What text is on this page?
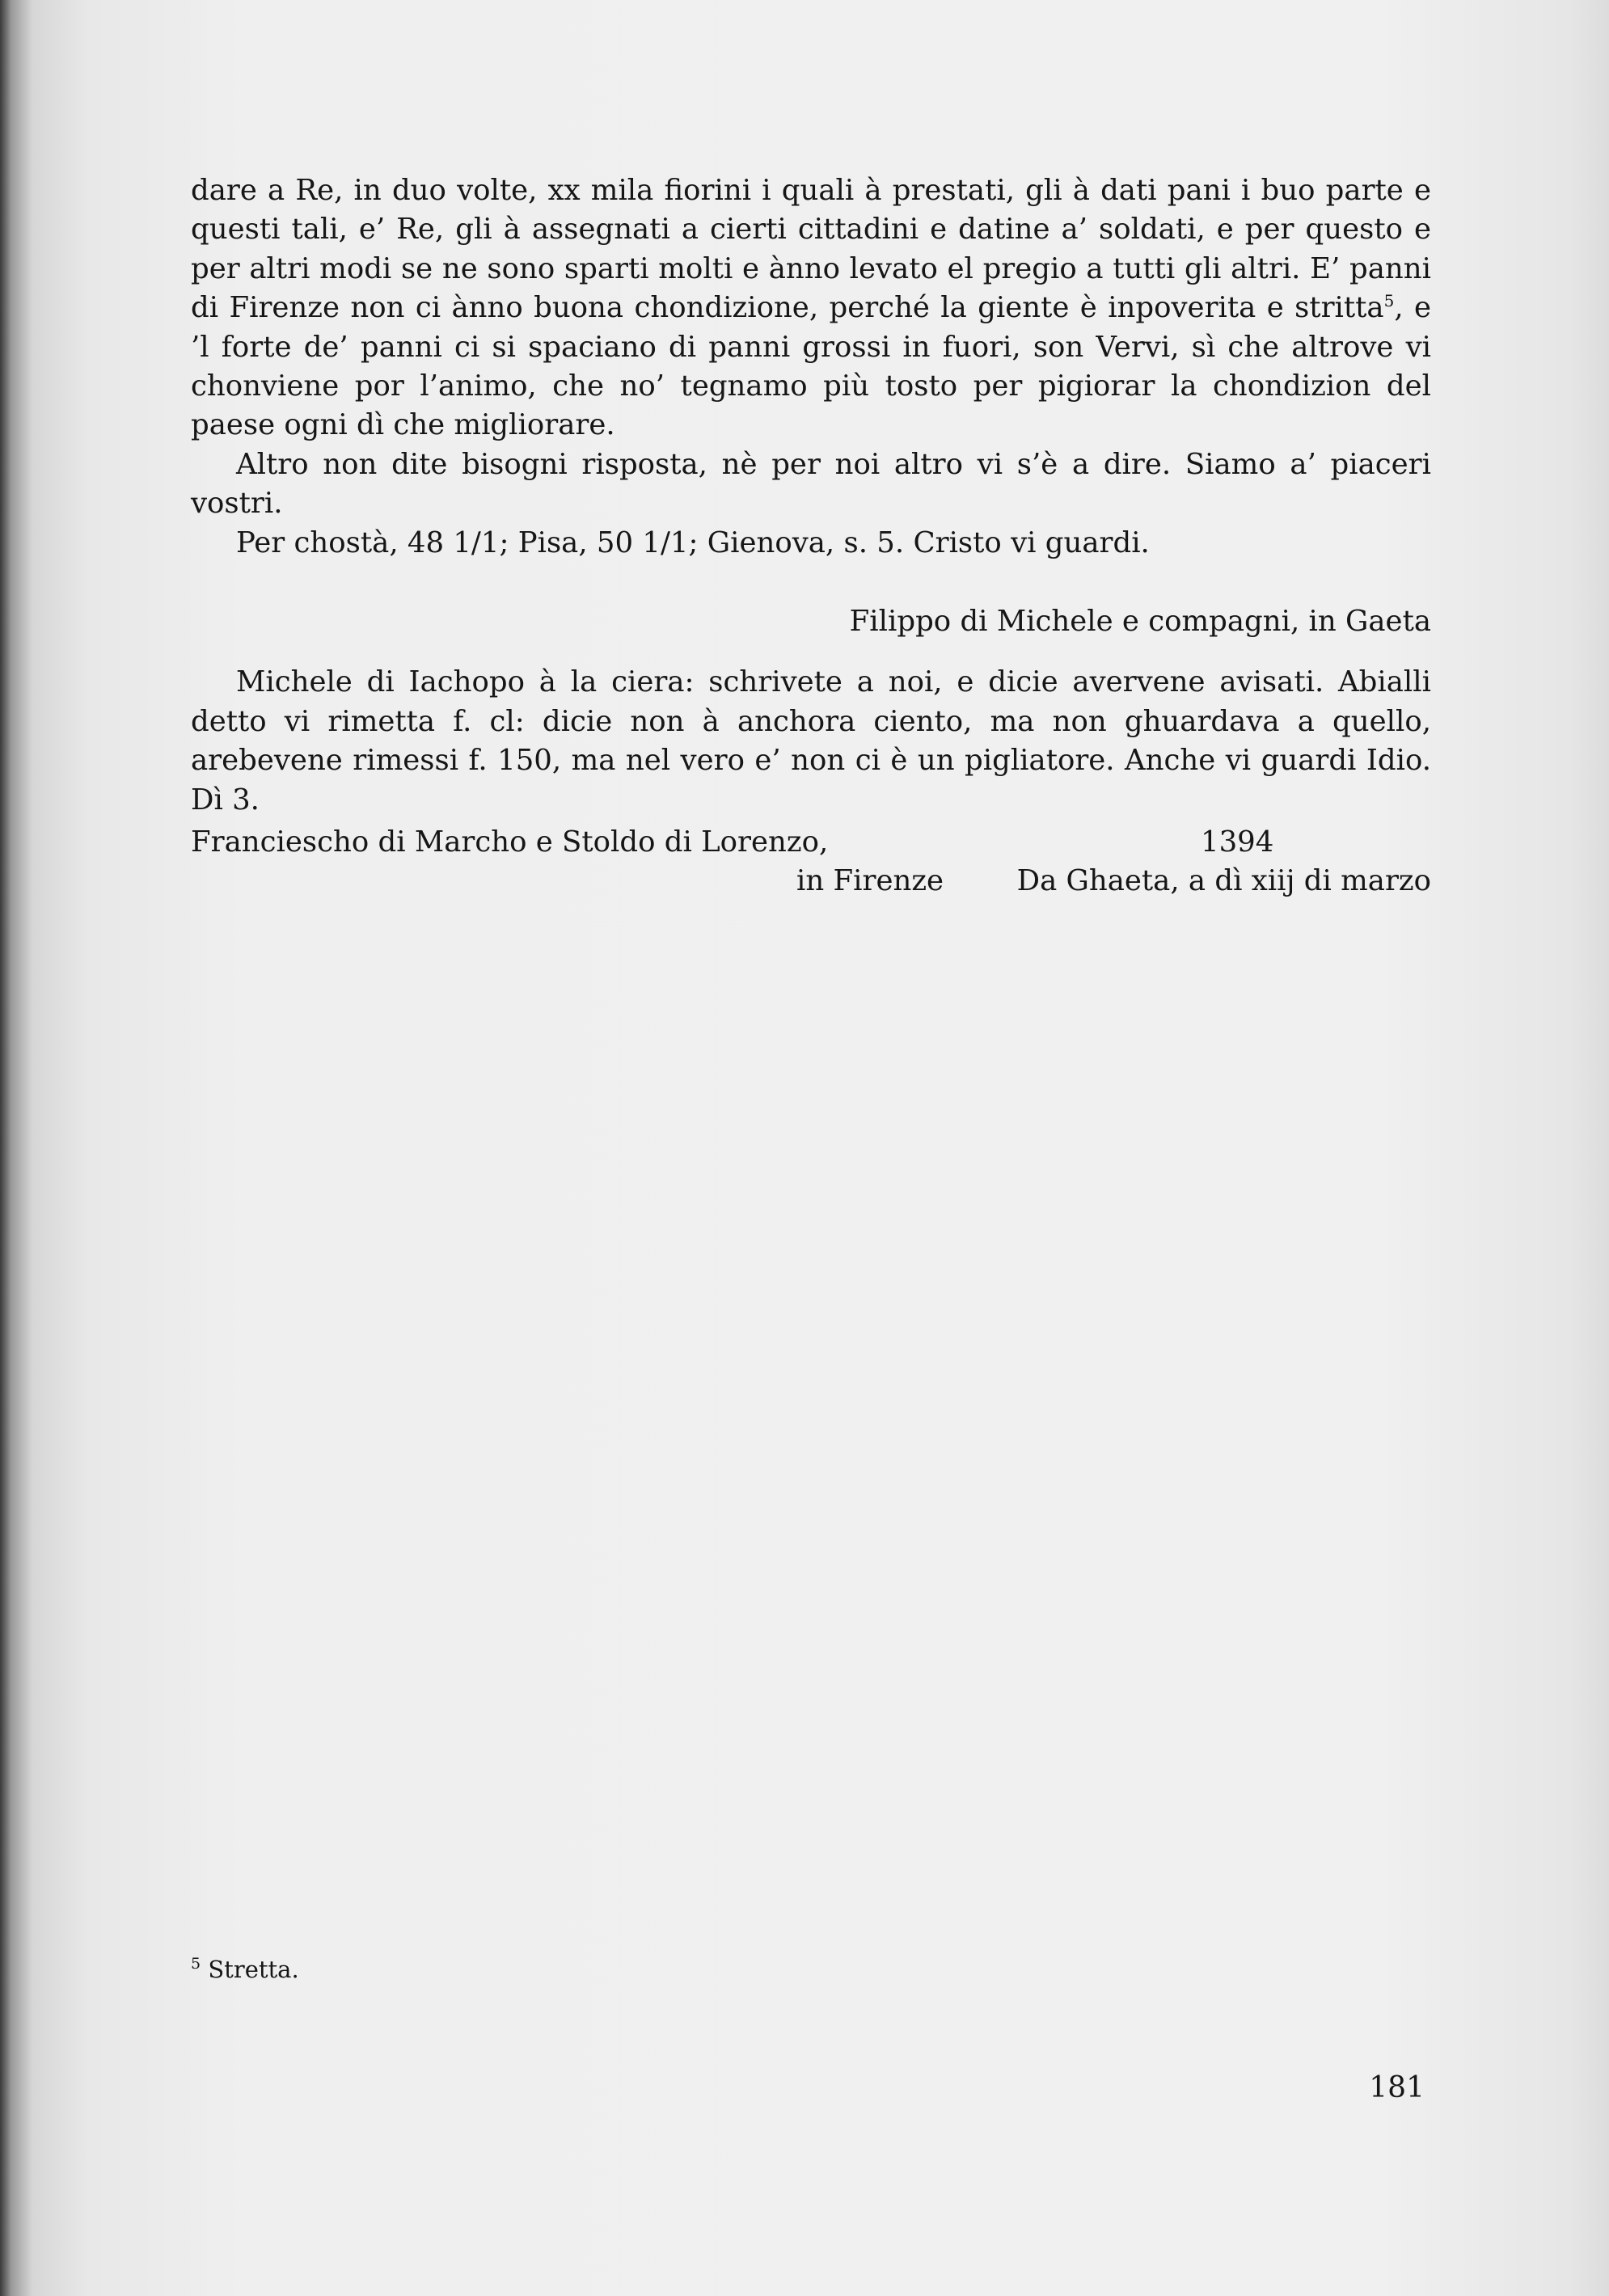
dare a Re, in duo volte, xx mila fiorini i quali à prestati, gli à dati pani i buo parte e questi tali, e’ Re, gli à assegnati a cierti cittadini e datine a’ soldati, e per questo e per altri modi se ne sono sparti molti e ànno levato el pregio a tutti gli altri. E’ panni di Firenze non ci ànno buona chondizione, perché la giente è inpoverita e stritta$^5$, e ’l forte de’ panni ci si spaciano di panni grossi in fuori, son Vervi, sì che altrove vi chonviene por l’animo, che no’ tegnamo più tosto per pigiorar la chondizion del paese ogni dì che migliorare.

Altro non dite bisogni risposta, nè per noi altro vi s’è a dire. Siamo a’ piaceri vostri.

Per chostà, 48 1/1; Pisa, 50 1/1; Gienova, s. 5. Cristo vi guardi.

Filippo di Michele e compagni, in Gaeta

Michele di Iachopo à la ciera: schrivete a noi, e dicie avervene avisati. Abialli detto vi rimetta f. cl: dicie non à anchora ciento, ma non ghuardava a quello, arebevene rimessi f. 150, ma nel vero e’ non ci è un pigliatore. Anche vi guardi Idio. Dì 3.

Franciescho di Marcho e Stoldo di Lorenzo,	1394
in Firenze	Da Ghaeta, a dì xiij di marzo
$^5$ Stretta.
181
